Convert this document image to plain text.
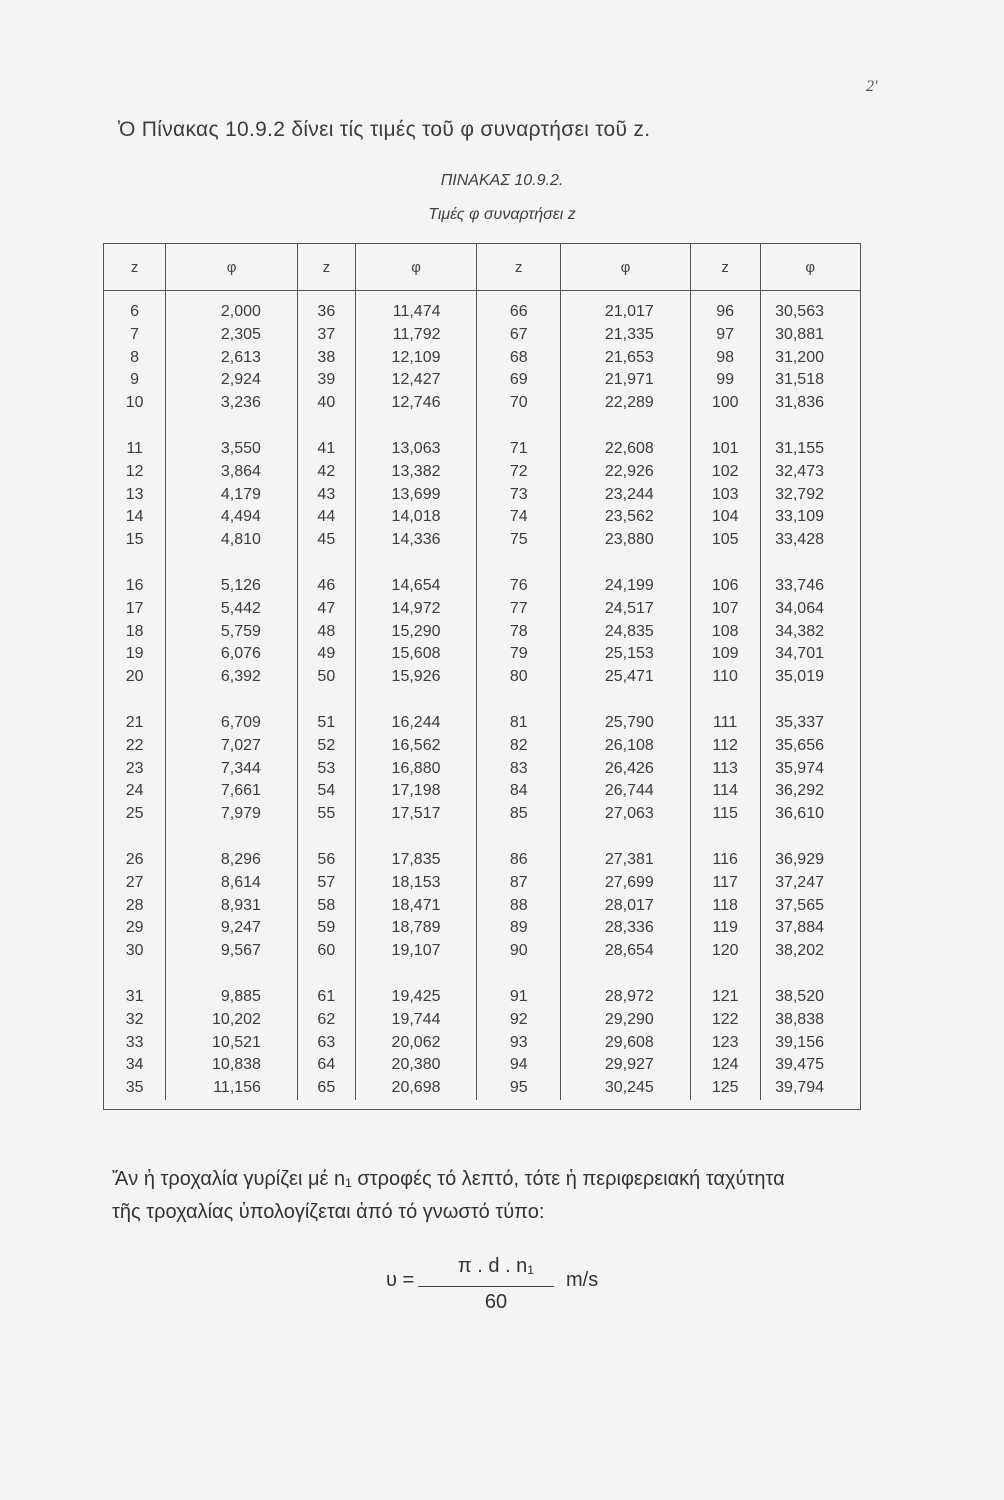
2'
Ὁ Πίνακας 10.9.2 δίνει τίς τιμές τοῦ φ συναρτήσει τοῦ z.
ΠΙΝΑΚΑΣ 10.9.2.
Τιμές φ συναρτήσει z
z	φ	z	φ	z	φ	z	φ
6	2,000	36	11,474	66	21,017	96	30,563
7	2,305	37	11,792	67	21,335	97	30,881
8	2,613	38	12,109	68	21,653	98	31,200
9	2,924	39	12,427	69	21,971	99	31,518
10	3,236	40	12,746	70	22,289	100	31,836

11	3,550	41	13,063	71	22,608	101	31,155
12	3,864	42	13,382	72	22,926	102	32,473
13	4,179	43	13,699	73	23,244	103	32,792
14	4,494	44	14,018	74	23,562	104	33,109
15	4,810	45	14,336	75	23,880	105	33,428

16	5,126	46	14,654	76	24,199	106	33,746
17	5,442	47	14,972	77	24,517	107	34,064
18	5,759	48	15,290	78	24,835	108	34,382
19	6,076	49	15,608	79	25,153	109	34,701
20	6,392	50	15,926	80	25,471	110	35,019

21	6,709	51	16,244	81	25,790	111	35,337
22	7,027	52	16,562	82	26,108	112	35,656
23	7,344	53	16,880	83	26,426	113	35,974
24	7,661	54	17,198	84	26,744	114	36,292
25	7,979	55	17,517	85	27,063	115	36,610

26	8,296	56	17,835	86	27,381	116	36,929
27	8,614	57	18,153	87	27,699	117	37,247
28	8,931	58	18,471	88	28,017	118	37,565
29	9,247	59	18,789	89	28,336	119	37,884
30	9,567	60	19,107	90	28,654	120	38,202

31	9,885	61	19,425	91	28,972	121	38,520
32	10,202	62	19,744	92	29,290	122	38,838
33	10,521	63	20,062	93	29,608	123	39,156
34	10,838	64	20,380	94	29,927	124	39,475
35	11,156	65	20,698	95	30,245	125	39,794
Ἄν ἡ τροχαλία γυρίζει μέ n₁ στροφές τό λεπτό, τότε ἡ περιφερειακή ταχύτητα
τῆς τροχαλίας ὑπολογίζεται ἀπό τό γνωστό τύπο:
υ =
π . d . n₁
60
m/s
